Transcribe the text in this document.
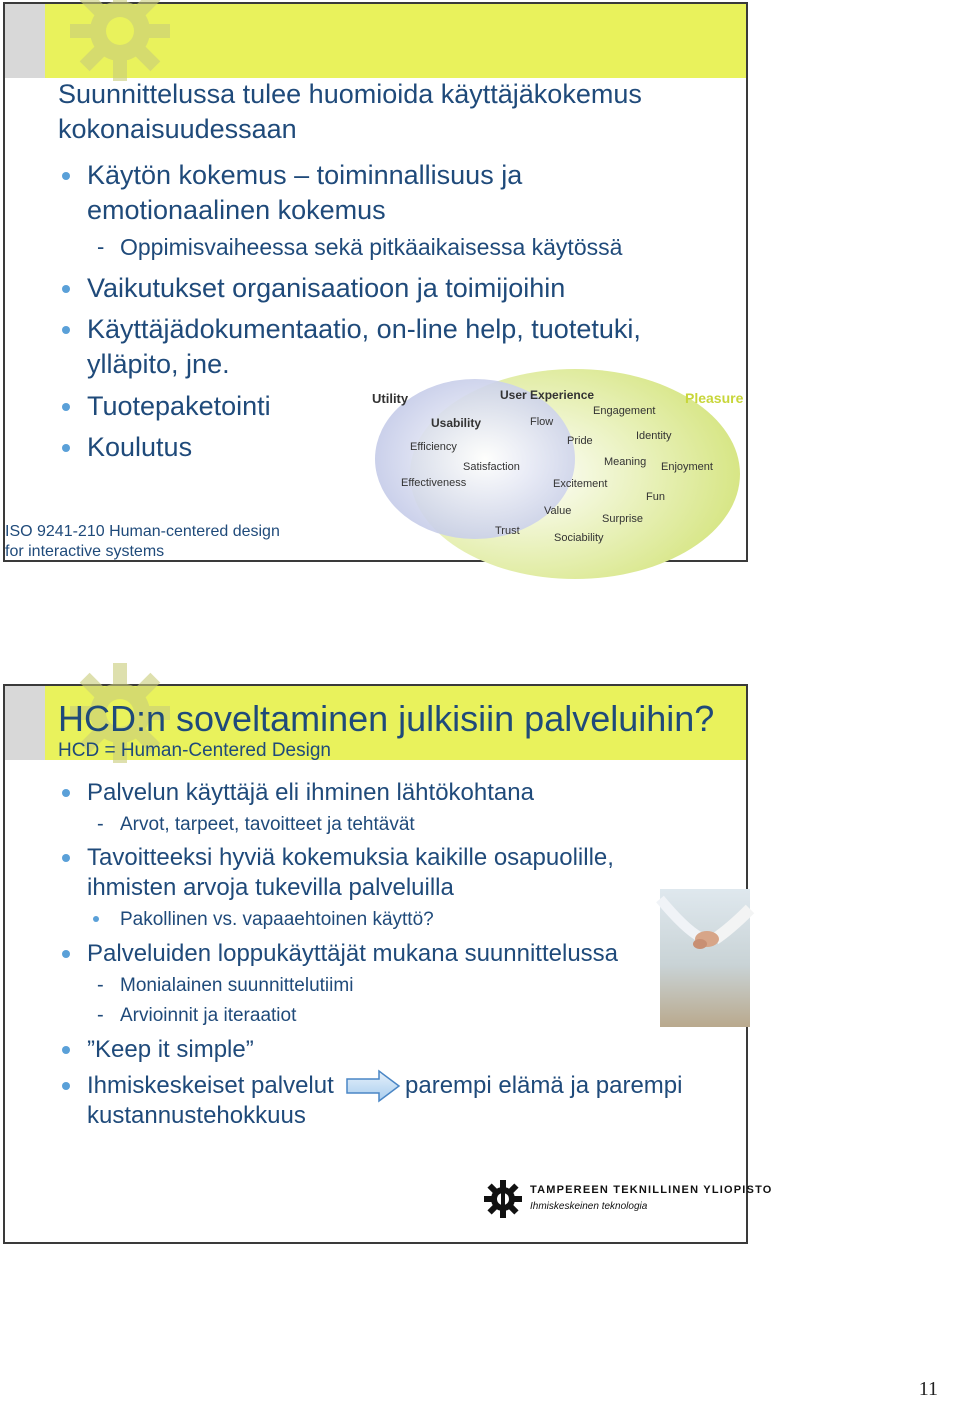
Suunnittelussa tulee huomioida käyttäjäkokemus
kokonaisuudessaan
Käytön kokemus – toiminnallisuus ja
emotionaalinen kokemus
- Oppimisvaiheessa sekä pitkäaikaisessa käytössä
Vaikutukset organisaatioon ja toimijoihin
Käyttäjädokumentaatio, on-line help, tuotetuki,
ylläpito, jne.
Tuotepaketointi
Koulutus
ISO 9241-210 Human-centered design
for interactive systems
Utility	User Experience	Pleasure
Usability
Engagement
Flow
Identity
Efficiency	Pride
Satisfaction	Meaning Enjoyment
Effectiveness	Excitement
Fun
Value
Surprise
Trust
Sociability
HCD:n soveltaminen julkisiin palveluihin?
HCD = Human-Centered Design
Palvelun käyttäjä eli ihminen lähtökohtana
- Arvot, tarpeet, tavoitteet ja tehtävät
Tavoitteeksi hyviä kokemuksia kaikille osapuolille,
ihmisten arvoja tukevilla palveluilla
Pakollinen vs. vapaaehtoinen käyttö?
Palveluiden loppukäyttäjät mukana suunnittelussa
- Monialainen suunnittelutiimi
- Arvioinnit ja iteraatiot
”Keep it simple”
Ihmiskeskeiset palvelut	parempi elämä ja parempi
kustannustehokkuus
TAMPEREEN TEKNILLINEN YLIOPISTO
Ihmiskeskeinen teknologia
11
